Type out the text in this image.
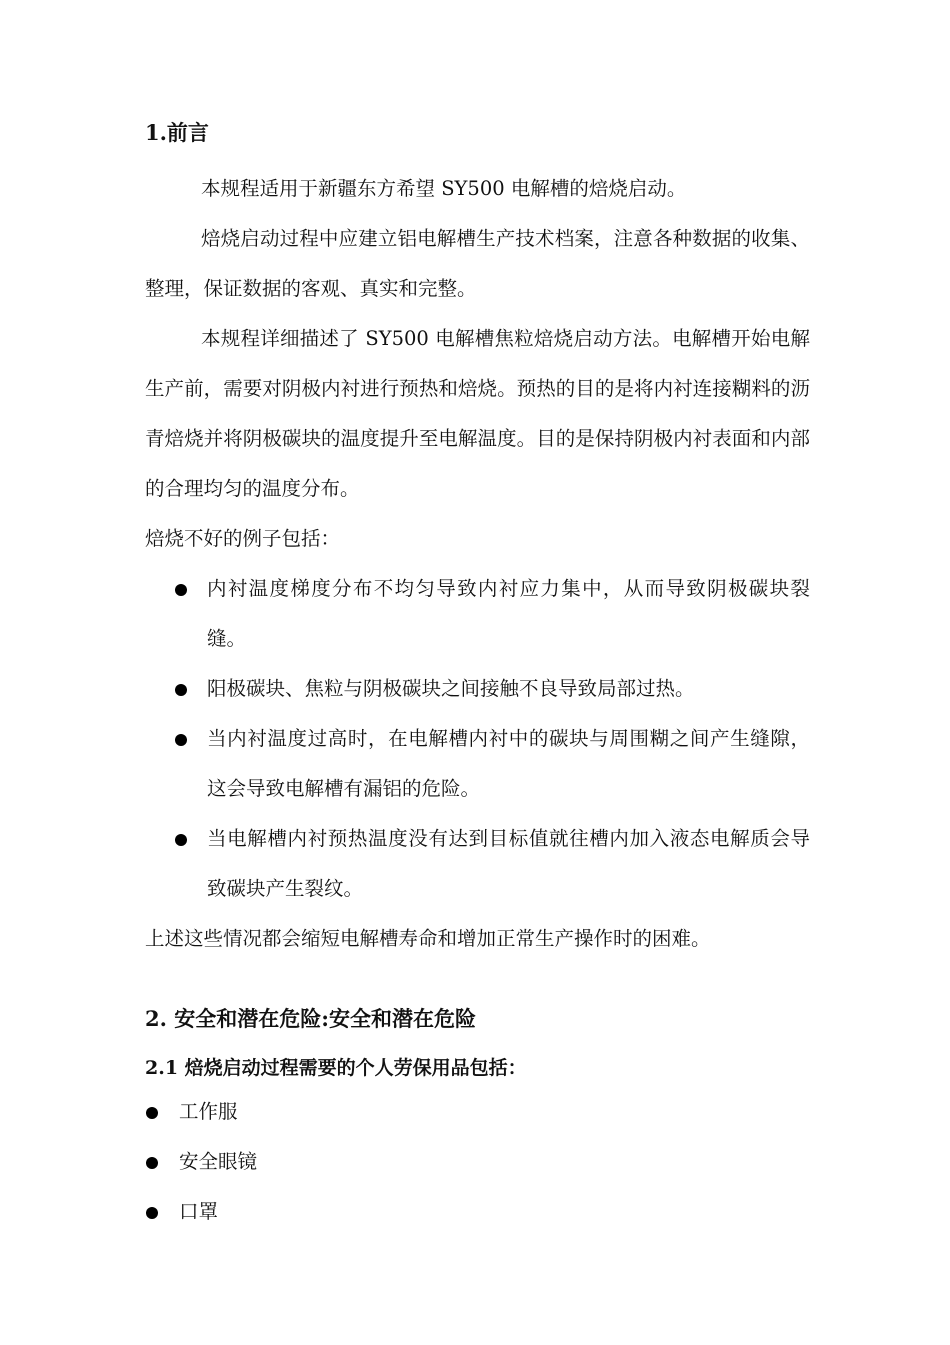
1.前言

本规程适用于新疆东方希望 SY500 电解槽的焙烧启动。

焙烧启动过程中应建立铝电解槽生产技术档案，注意各种数据的收集、整理，保证数据的客观、真实和完整。

本规程详细描述了 SY500 电解槽焦粒焙烧启动方法。电解槽开始电解生产前，需要对阴极内衬进行预热和焙烧。预热的目的是将内衬连接糊料的沥青焙烧并将阴极碳块的温度提升至电解温度。目的是保持阴极内衬表面和内部的合理均匀的温度分布。

焙烧不好的例子包括：

内衬温度梯度分布不均匀导致内衬应力集中，从而导致阴极碳块裂缝。
阳极碳块、焦粒与阴极碳块之间接触不良导致局部过热。
当内衬温度过高时，在电解槽内衬中的碳块与周围糊之间产生缝隙，这会导致电解槽有漏铝的危险。
当电解槽内衬预热温度没有达到目标值就往槽内加入液态电解质会导致碳块产生裂纹。

上述这些情况都会缩短电解槽寿命和增加正常生产操作时的困难。

2. 安全和潜在危险:安全和潜在危险
2.1 焙烧启动过程需要的个人劳保用品包括：
工作服
安全眼镜
口罩
